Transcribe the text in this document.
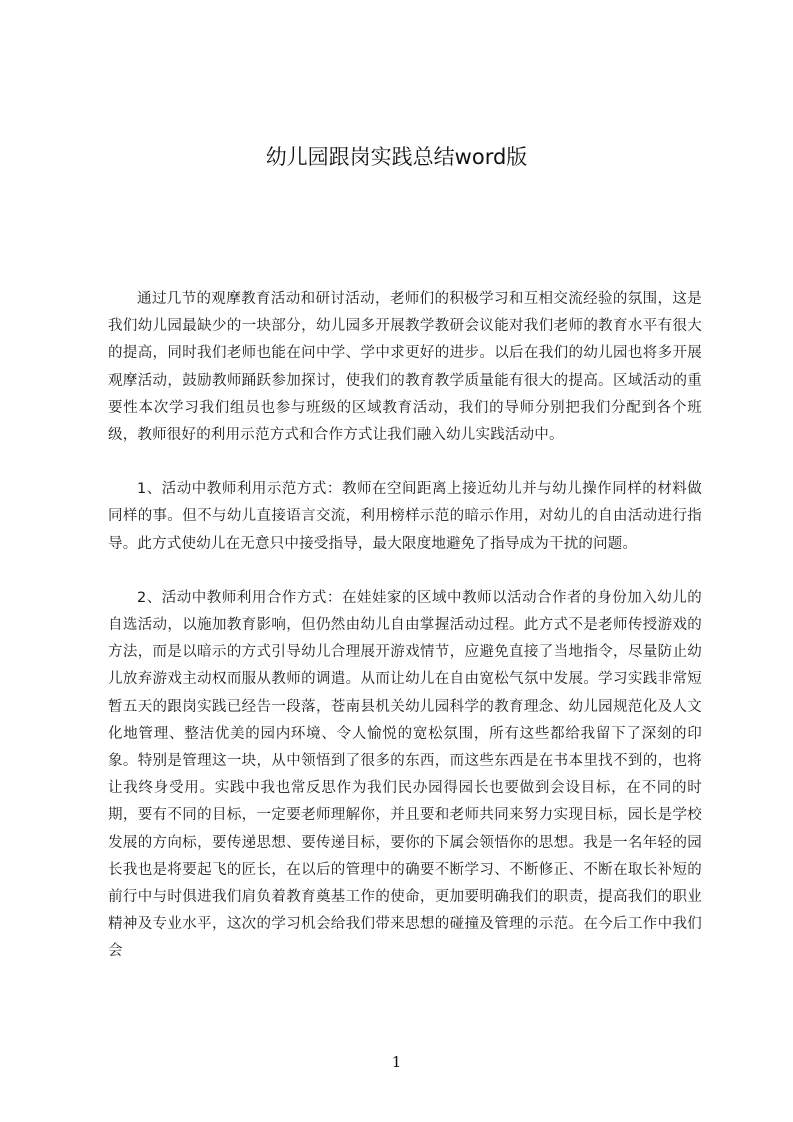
幼儿园跟岗实践总结word版

通过几节的观摩教育活动和研讨活动，老师们的积极学习和互相交流经验的氛围，这是我们幼儿园最缺少的一块部分，幼儿园多开展教学教研会议能对我们老师的教育水平有很大的提高，同时我们老师也能在问中学、学中求更好的进步。以后在我们的幼儿园也将多开展观摩活动，鼓励教师踊跃参加探讨，使我们的教育教学质量能有很大的提高。区域活动的重要性本次学习我们组员也参与班级的区域教育活动，我们的导师分别把我们分配到各个班级，教师很好的利用示范方式和合作方式让我们融入幼儿实践活动中。

1、活动中教师利用示范方式：教师在空间距离上接近幼儿并与幼儿操作同样的材料做同样的事。但不与幼儿直接语言交流，利用榜样示范的暗示作用，对幼儿的自由活动进行指导。此方式使幼儿在无意只中接受指导，最大限度地避免了指导成为干扰的问题。

2、活动中教师利用合作方式：在娃娃家的区域中教师以活动合作者的身份加入幼儿的自选活动，以施加教育影响，但仍然由幼儿自由掌握活动过程。此方式不是老师传授游戏的方法，而是以暗示的方式引导幼儿合理展开游戏情节，应避免直接了当地指令，尽量防止幼儿放弃游戏主动权而服从教师的调遣。从而让幼儿在自由宽松气氛中发展。学习实践非常短暂五天的跟岗实践已经告一段落，苍南县机关幼儿园科学的教育理念、幼儿园规范化及人文化地管理、整洁优美的园内环境、令人愉悦的宽松氛围，所有这些都给我留下了深刻的印象。特别是管理这一块，从中领悟到了很多的东西，而这些东西是在书本里找不到的，也将让我终身受用。实践中我也常反思作为我们民办园得园长也要做到会设目标，在不同的时期，要有不同的目标，一定要老师理解你，并且要和老师共同来努力实现目标，园长是学校发展的方向标，要传递思想、要传递目标，要你的下属会领悟你的思想。我是一名年轻的园长我也是将要起飞的匠长，在以后的管理中的确要不断学习、不断修正、不断在取长补短的前行中与时俱进我们肩负着教育奠基工作的使命，更加要明确我们的职责，提高我们的职业精神及专业水平，这次的学习机会给我们带来思想的碰撞及管理的示范。在今后工作中我们会

1
